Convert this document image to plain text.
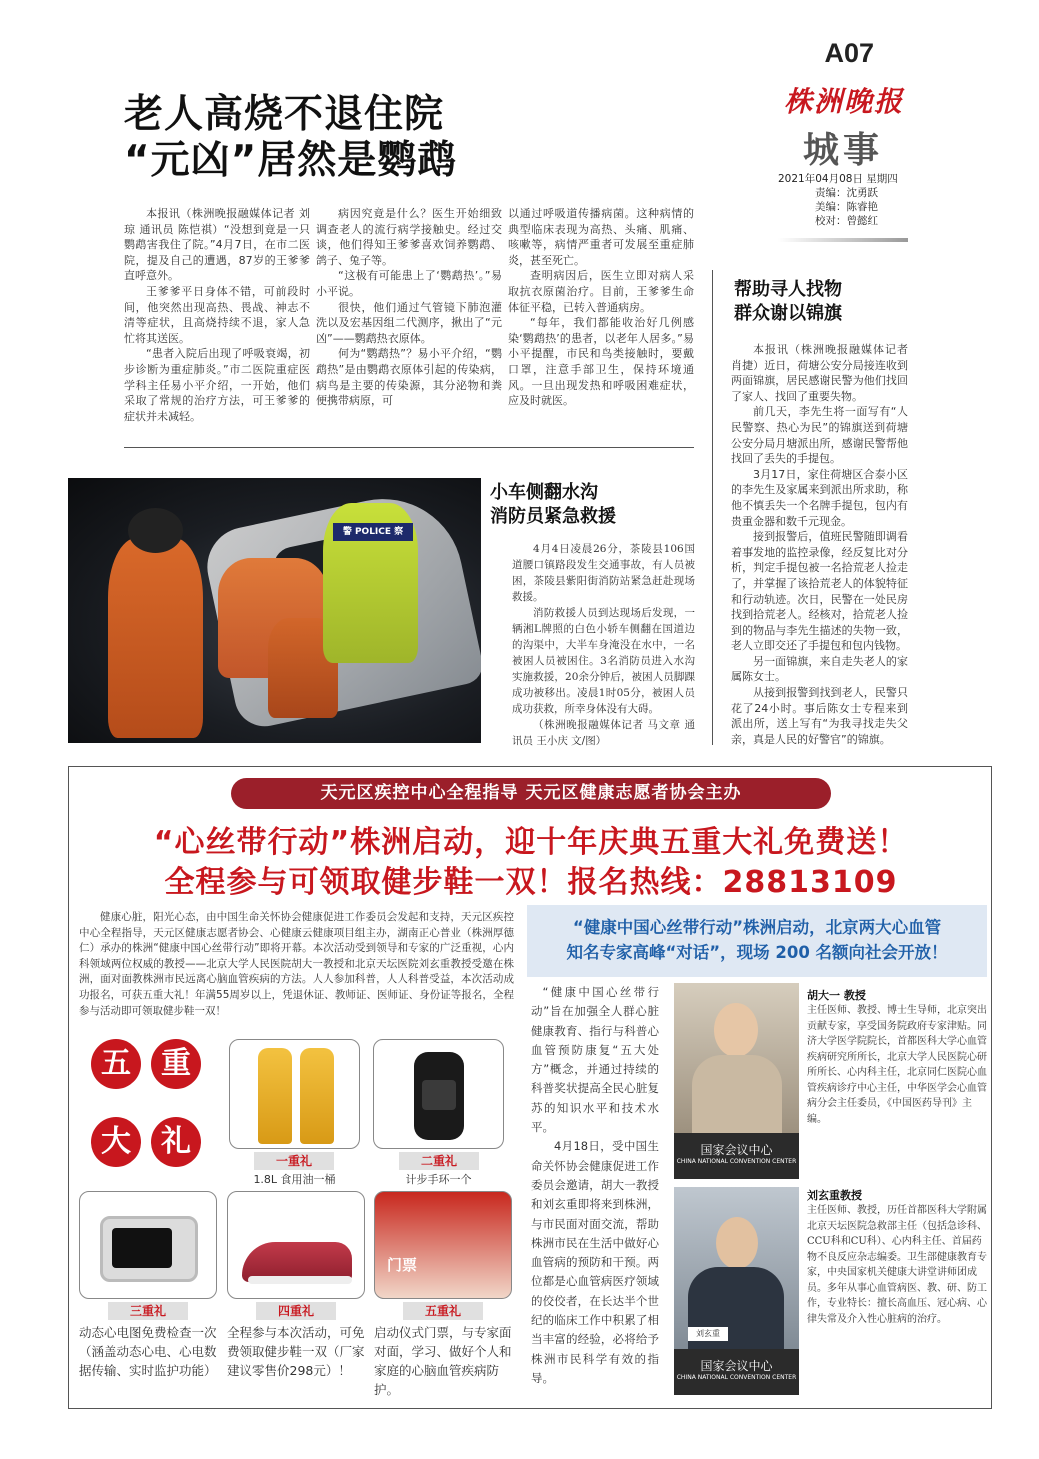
A07
株洲晚报
城事
2021年04月08日 星期四
责编：沈勇跃
美编：陈睿艳
校对：曾懿红
老人高烧不退住院
“元凶”居然是鹦鹉

本报讯（株洲晚报融媒体记者 刘琼 通讯员 陈恺祺）“没想到竟是一只鹦鹉害我住了院。”4月7日，在市二医院，提及自己的遭遇，87岁的王爹爹直呼意外。

王爹爹平日身体不错，可前段时间，他突然出现高热、畏战、神志不清等症状，且高烧持续不退，家人急忙将其送医。

“患者入院后出现了呼吸衰竭，初步诊断为重症肺炎。”市二医院重症医学科主任易小平介绍，一开始，他们采取了常规的治疗方法，可王爹爹的症状并未减轻。

病因究竟是什么？医生开始细致调查老人的流行病学接触史。经过交谈，他们得知王爹爹喜欢饲养鹦鹉、鸽子、兔子等。

“这极有可能患上了‘鹦鹉热’。”易小平说。

很快，他们通过气管镜下肺泡灌洗以及宏基因组二代测序，揪出了“元凶”——鹦鹉热衣原体。

何为“鹦鹉热”？易小平介绍，“鹦鹉热”是由鹦鹉衣原体引起的传染病，病鸟是主要的传染源，其分泌物和粪便携带病原，可

以通过呼吸道传播病菌。这种病情的典型临床表现为高热、头痛、肌痛、咳嗽等，病情严重者可发展至重症肺炎，甚至死亡。

查明病因后，医生立即对病人采取抗衣原菌治疗。目前，王爹爹生命体征平稳，已转入普通病房。

“每年，我们都能收治好几例感染‘鹦鹉热’的患者，以老年人居多。”易小平提醒，市民和鸟类接触时，要戴口罩，注意手部卫生，保持环境通风。一旦出现发热和呼吸困难症状，应及时就医。

警 POLICE 察
小车侧翻水沟
消防员紧急救援

4月4日凌晨26分，茶陵县106国道腰口镇路段发生交通事故，有人员被困，茶陵县紫阳街消防站紧急赶赴现场救援。

消防救援人员到达现场后发现，一辆湘L牌照的白色小轿车侧翻在国道边的沟渠中，大半车身淹没在水中，一名被困人员被困住。3名消防员进入水沟实施救援，20余分钟后，被困人员脚踝成功被移出。凌晨1时05分，被困人员成功获救，所幸身体没有大碍。

（株洲晚报融媒体记者 马文章 通讯员 王小庆 文/图）

帮助寻人找物
群众谢以锦旗

本报讯（株洲晚报融媒体记者 肖捷）近日，荷塘公安分局接连收到两面锦旗，居民感谢民警为他们找回了家人、找回了重要失物。

前几天，李先生将一面写有“人民警察、热心为民”的锦旗送到荷塘公安分局月塘派出所，感谢民警帮他找回了丢失的手提包。

3月17日，家住荷塘区合泰小区的李先生及家属来到派出所求助，称他不慎丢失一个名牌手提包，包内有贵重金器和数千元现金。

接到报警后，值班民警随即调看着事发地的监控录像，经反复比对分析，判定手提包被一名拾荒老人捡走了，并掌握了该拾荒老人的体貌特征和行动轨迹。次日，民警在一处民房找到拾荒老人。经核对，拾荒老人捡到的物品与李先生描述的失物一致，老人立即交还了手提包和包内钱物。

另一面锦旗，来自走失老人的家属陈女士。

从接到报警到找到老人，民警只花了24小时。事后陈女士专程来到派出所，送上写有“为我寻找走失父亲，真是人民的好警官”的锦旗。

天元区疾控中心全程指导 天元区健康志愿者协会主办
“心丝带行动”株洲启动，迎十年庆典五重大礼免费送！
全程参与可领取健步鞋一双！报名热线：28813109
健康心脏，阳光心态，由中国生命关怀协会健康促进工作委员会发起和支持，天元区疾控中心全程指导，天元区健康志愿者协会、心健康云健康项目组主办，湖南正心普业（株洲厚德仁）承办的株洲“健康中国心丝带行动”即将开幕。本次活动受到领导和专家的广泛重视，心内科领域两位权威的教授——北京大学人民医院胡大一教授和北京天坛医院刘玄重教授受邀在株洲，面对面教株洲市民远离心脑血管疾病的方法。人人参加科普，人人科普受益，本次活动成功报名，可获五重大礼！年满55周岁以上，凭退休证、教师证、医师证、身份证等报名，全程参与活动即可领取健步鞋一双！
五	重
大	礼
一重礼
1.8L 食用油一桶
二重礼
计步手环一个
三重礼
动态心电图免费检查一次（涵盖动态心电、心电数据传输、实时监护功能）
四重礼
全程参与本次活动，可免费领取健步鞋一双（厂家建议零售价298元）！
门票
五重礼
启动仪式门票，与专家面对面，学习、做好个人和家庭的心脑血管疾病防护。
“健康中国心丝带行动”株洲启动，北京两大心血管
知名专家高峰“对话”，现场 200 名额向社会开放！

“健康中国心丝带行动”旨在加强全人群心脏健康教育、指行与科普心血管预防康复“五大处方”概念，并通过持续的科普奖状提高全民心脏复苏的知识水平和技术水平。

4月18日，受中国生命关怀协会健康促进工作委员会邀请，胡大一教授和刘玄重即将来到株洲，与市民面对面交流，帮助株洲市民在生活中做好心血管病的预防和干预。两位都是心血管病医疗领域的佼佼者，在长达半个世纪的临床工作中积累了相当丰富的经验，必将给予株洲市民科学有效的指导。

国家会议中心
CHINA NATIONAL CONVENTION CENTER
胡大一 教授
主任医师、教授、博士生导师，北京突出贡献专家，享受国务院政府专家津贴。同济大学医学院院长，首都医科大学心血管疾病研究所所长，北京大学人民医院心研所所长、心内科主任，北京同仁医院心血管疾病诊疗中心主任，中华医学会心血管病分会主任委员，《中国医药导刊》主编。
刘玄重
国家会议中心
CHINA NATIONAL CONVENTION CENTER
刘玄重教授
主任医师、教授，历任首都医科大学附属北京天坛医院急救部主任（包括急诊科、CCU科和CU科）、心内科主任、首届药物不良反应杂志编委。卫生部健康教育专家，中央国家机关健康大讲堂讲师团成员。多年从事心血管病医、教、研、防工作，专业特长：擅长高血压、冠心病、心律失常及介入性心脏病的治疗。
